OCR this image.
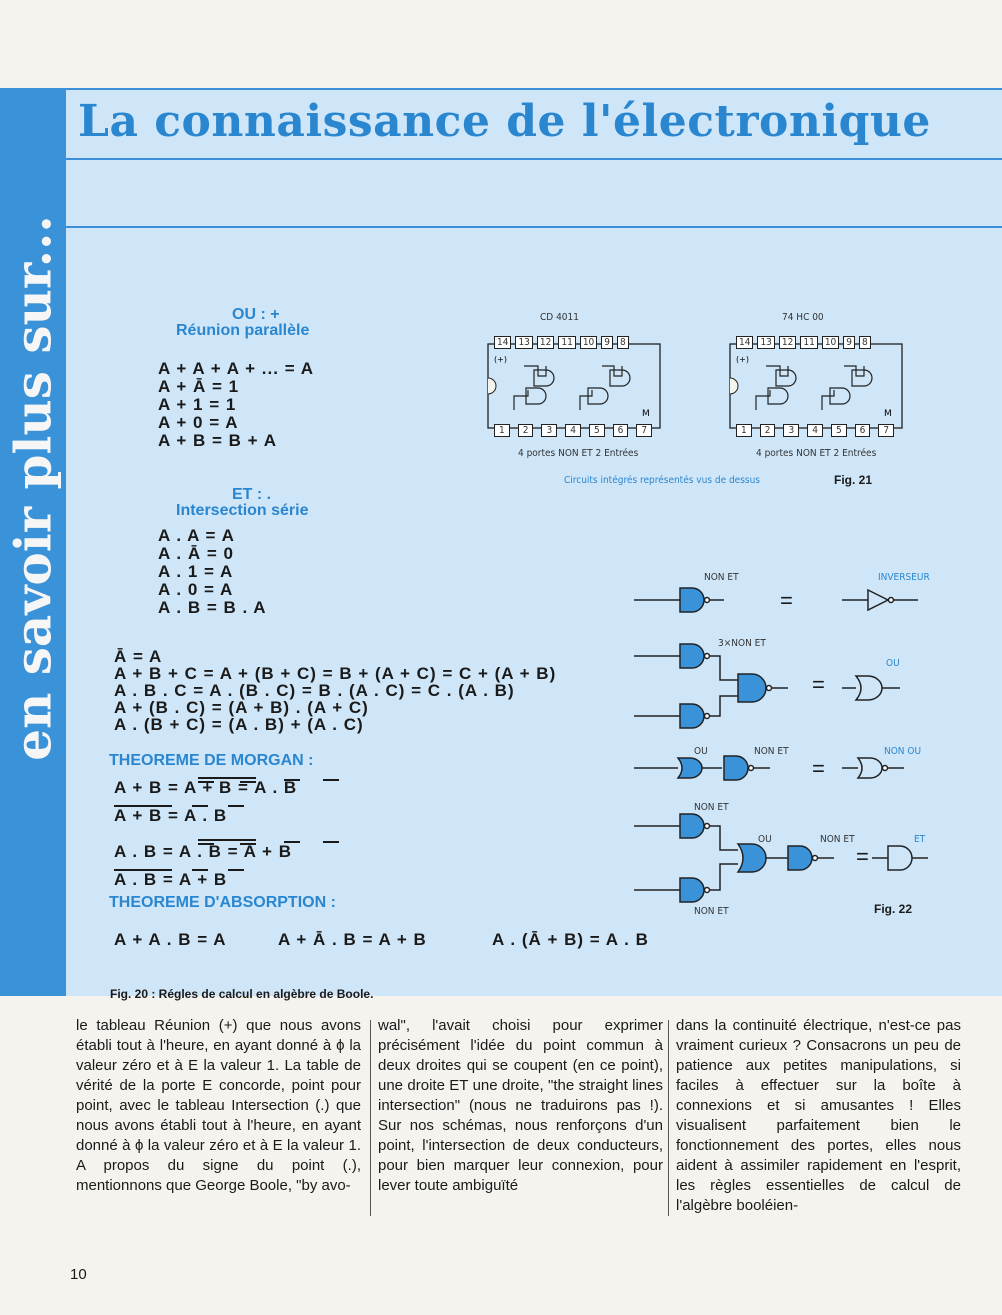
La connaissance de l'électronique
en savoir plus sur...	OU : +
Réunion parallèle
A + A + A + ... = A
A + Ā = 1
A + 1 = 1
A + 0 = A
A + B = B + A
ET : .
Intersection série
A . A = A
A . Ā = 0
A . 1 = A
A . 0 = A
A . B = B . A
Ā = A
A + B + C = A + (B + C) = B + (A + C) = C + (A + B)
A . B . C = A . (B . C) = B . (A . C) = C . (A . B)
A + (B . C) = (A + B) . (A + C)
A . (B + C) = (A . B) + (A . C)
THEOREME DE MORGAN :
A + B = A + B = A . B
A + B = A . B
A . B = A . B = A + B
A . B = A + B
THEOREME D'ABSORPTION :
A + A . B = A	A + Ā . B = A + B	A . (Ā + B) = A . B
Fig. 20 : Régles de calcul en algèbre de Boole.
CD 4011	74 HC 00
(+)
M
(+)
M
14	13	12	11	10	9	8
1	2	3	4	5	6	7
14	13	12	11	10	9	8
1	2	3	4	5	6	7
4 portes NON ET 2 Entrées	4 portes NON ET 2 Entrées
Circuits intégrés représentés vus de dessus	Fig. 21
NON ET	INVERSEUR
=
3×NON ET
OU
=
OU	NON ET	NON OU
=
NON ET
OU	NON ET	ET
=
NON ET	Fig. 22
le tableau Réunion (+) que nous avons établi tout à l'heure, en ayant donné à ϕ la valeur zéro et à E la valeur 1. La table de vérité de la porte E concorde, point pour point, avec le tableau Intersection (.) que nous avons établi tout à l'heure, en ayant donné à ϕ la valeur zéro et à E la valeur 1. A propos du signe du point (.), mentionnons que George Boole, "by avo-
wal", l'avait choisi pour exprimer précisément l'idée du point commun à deux droites qui se coupent (en ce point), une droite ET une droite, "the straight lines intersection" (nous ne traduirons pas !). Sur nos schémas, nous renforçons d'un point, l'intersection de deux conducteurs, pour bien marquer leur connexion, pour lever toute ambiguïté
dans la continuité électrique, n'est-ce pas vraiment curieux ? Consacrons un peu de patience aux petites manipulations, si faciles à effectuer sur la boîte à connexions et si amusantes ! Elles visualisent parfaitement bien le fonctionnement des portes, elles nous aident à assimiler rapidement en l'esprit, les règles essentielles de calcul de l'algèbre booléien-
10
